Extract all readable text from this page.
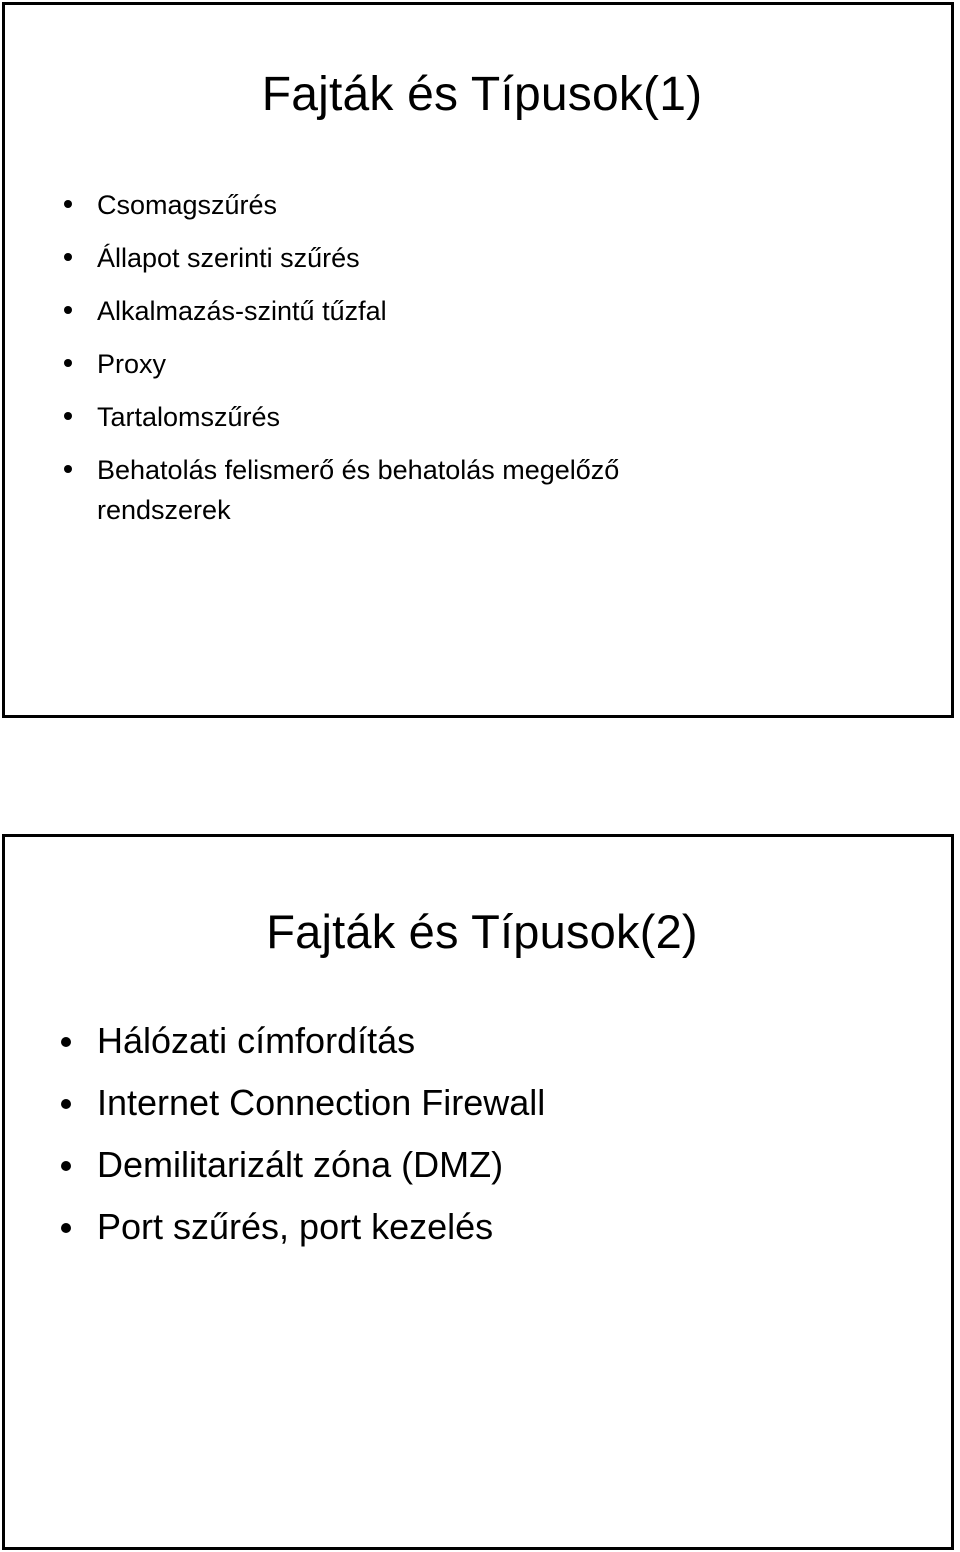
Fajták és Típusok(1)
Csomagszűrés
Állapot szerinti szűrés
Alkalmazás-szintű tűzfal
Proxy
Tartalomszűrés
Behatolás felismerő és behatolás megelőző
rendszerek
Fajták és Típusok(2)
Hálózati címfordítás
Internet Connection Firewall
Demilitarizált zóna (DMZ)
Port szűrés, port kezelés
